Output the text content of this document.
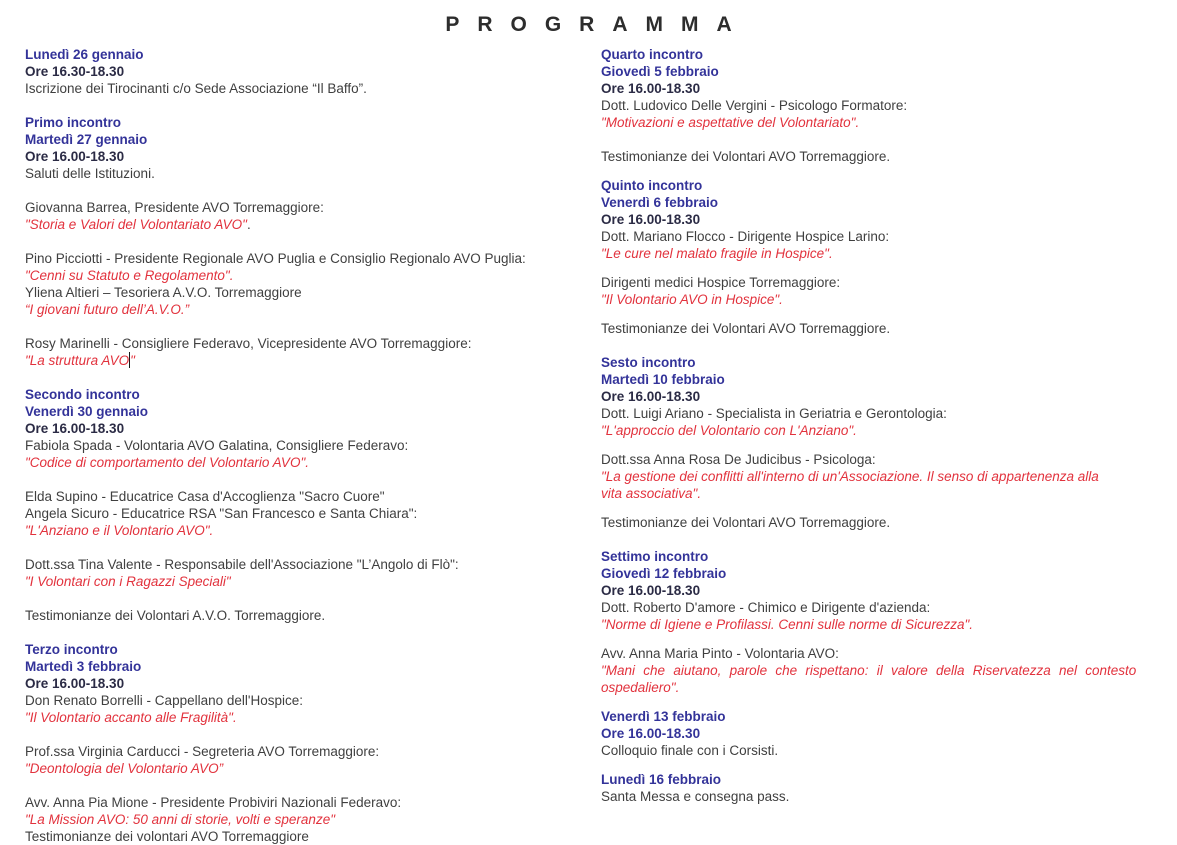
PROGRAMMA
Lunedì 26 gennaio
Ore 16.30-18.30
Iscrizione dei Tirocinanti c/o Sede Associazione “Il Baffo”.
Primo incontro
Martedì 27 gennaio
Ore 16.00-18.30
Saluti delle Istituzioni.
Giovanna Barrea, Presidente AVO Torremaggiore:
"Storia e Valori del Volontariato AVO".
Pino Picciotti - Presidente Regionale AVO Puglia e Consiglio Regionalo AVO Puglia:
"Cenni su Statuto e Regolamento".
Yliena Altieri – Tesoriera A.V.O. Torremaggiore
“I giovani futuro dell’A.V.O.”
Rosy Marinelli - Consigliere Federavo, Vicepresidente AVO Torremaggiore:
"La struttura AVO"
Secondo incontro
Venerdì 30 gennaio
Ore 16.00-18.30
Fabiola Spada - Volontaria AVO Galatina, Consigliere Federavo:
"Codice di comportamento del Volontario AVO".
Elda Supino - Educatrice Casa d'Accoglienza "Sacro Cuore"
Angela Sicuro - Educatrice RSA "San Francesco e Santa Chiara":
"L'Anziano e il Volontario AVO".
Dott.ssa Tina Valente - Responsabile dell'Associazione "L’Angolo di Flò":
"I Volontari con i Ragazzi Speciali"
Testimonianze dei Volontari A.V.O. Torremaggiore.
Terzo incontro
Martedì 3 febbraio
Ore 16.00-18.30
Don Renato Borrelli - Cappellano dell'Hospice:
"Il Volontario accanto alle Fragilità".
Prof.ssa Virginia Carducci - Segreteria AVO Torremaggiore:
"Deontologia del Volontario AVO”
Avv. Anna Pia Mione - Presidente Probiviri Nazionali Federavo:
"La Mission AVO: 50 anni di storie, volti e speranze"
Testimonianze dei volontari AVO Torremaggiore
Quarto incontro
Giovedì 5 febbraio
Ore 16.00-18.30
Dott. Ludovico Delle Vergini - Psicologo Formatore:
"Motivazioni e aspettative del Volontariato".
Testimonianze dei Volontari AVO Torremaggiore.
Quinto incontro
Venerdì 6 febbraio
Ore 16.00-18.30
Dott. Mariano Flocco - Dirigente Hospice Larino:
"Le cure nel malato fragile in Hospice".
Dirigenti medici Hospice Torremaggiore:
"Il Volontario AVO in Hospice".
Testimonianze dei Volontari AVO Torremaggiore.
Sesto incontro
Martedì 10 febbraio
Ore 16.00-18.30
Dott. Luigi Ariano - Specialista in Geriatria e Gerontologia:
"L'approccio del Volontario con L'Anziano".
Dott.ssa Anna Rosa De Judicibus - Psicologa:
"La gestione dei conflitti all'interno di un'Associazione. Il senso di appartenenza alla
vita associativa".
Testimonianze dei Volontari AVO Torremaggiore.
Settimo incontro
Giovedì 12 febbraio
Ore 16.00-18.30
Dott. Roberto D'amore - Chimico e Dirigente d'azienda:
"Norme di Igiene e Profilassi. Cenni sulle norme di Sicurezza".
Avv. Anna Maria Pinto - Volontaria AVO:
"Mani che aiutano, parole che rispettano: il valore della Riservatezza nel contesto
ospedaliero".
Venerdì 13 febbraio
Ore 16.00-18.30
Colloquio finale con i Corsisti.
Lunedì 16 febbraio
Santa Messa e consegna pass.
